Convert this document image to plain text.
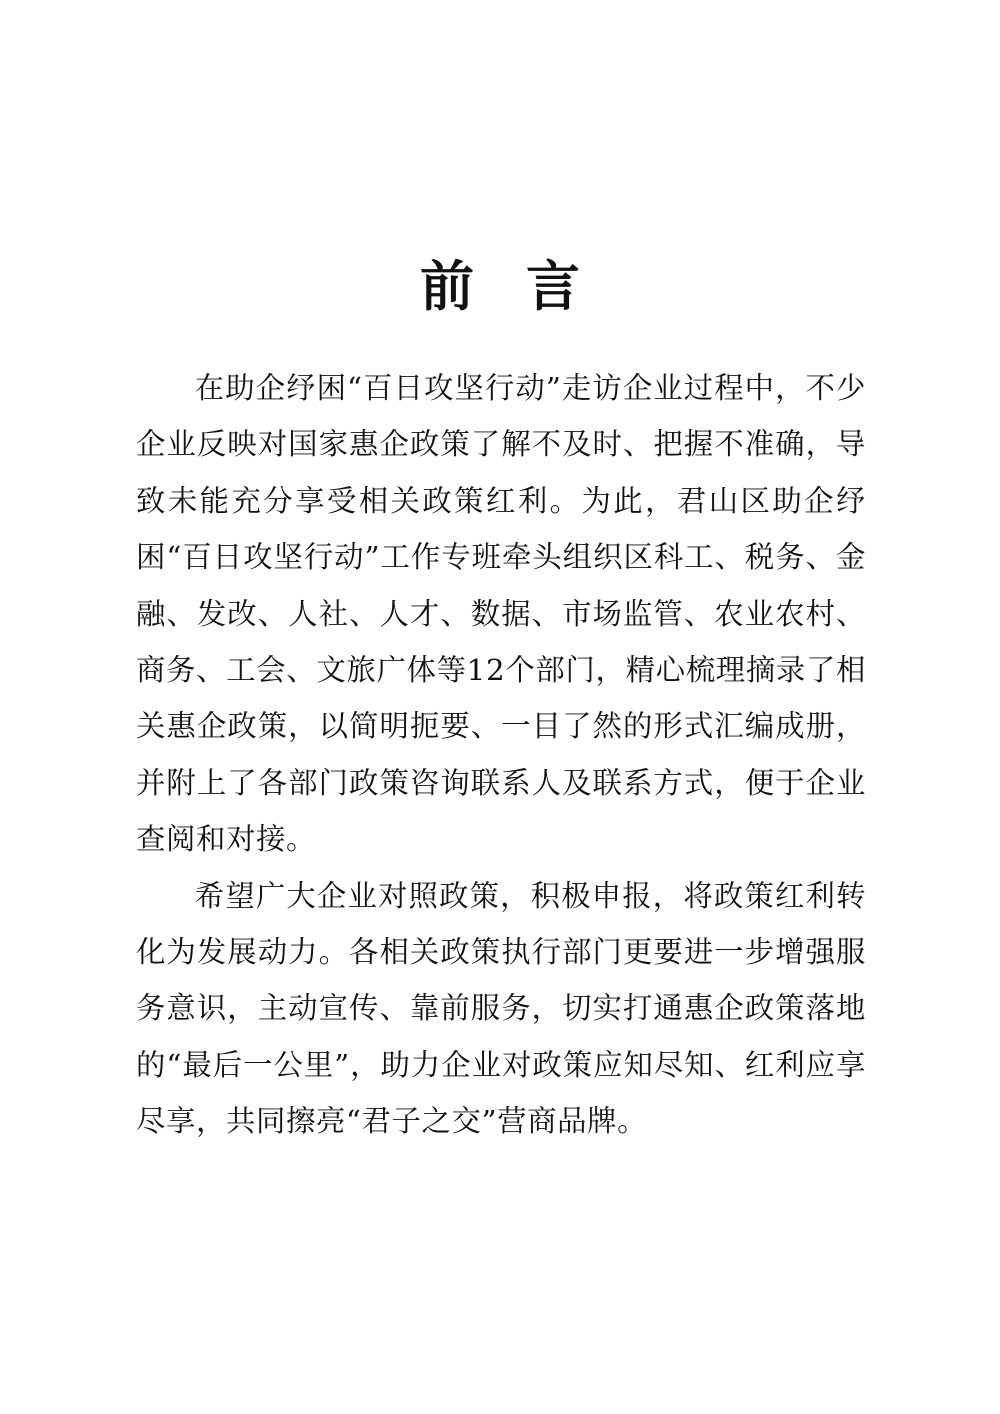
前 言

在助企纾困“百日攻坚行动”走访企业过程中，不少企业反映对国家惠企政策了解不及时、把握不准确，导致未能充分享受相关政策红利。为此，君山区助企纾困“百日攻坚行动”工作专班牵头组织区科工、税务、金融、发改、人社、人才、数据、市场监管、农业农村、商务、工会、文旅广体等12个部门，精心梳理摘录了相关惠企政策，以简明扼要、一目了然的形式汇编成册，并附上了各部门政策咨询联系人及联系方式，便于企业查阅和对接。

希望广大企业对照政策，积极申报，将政策红利转化为发展动力。各相关政策执行部门更要进一步增强服务意识，主动宣传、靠前服务，切实打通惠企政策落地的“最后一公里”，助力企业对政策应知尽知、红利应享尽享，共同擦亮“君子之交”营商品牌。
